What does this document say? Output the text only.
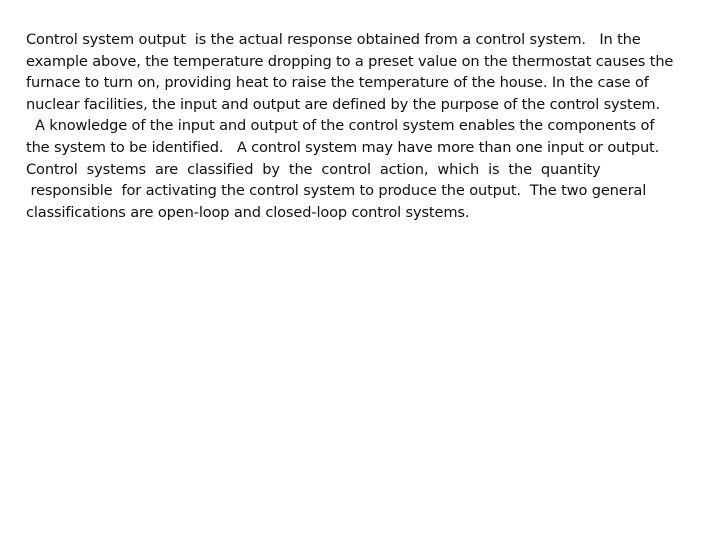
Control system output  is the actual response obtained from a control system.   In the
example above, the temperature dropping to a preset value on the thermostat causes the
furnace to turn on, providing heat to raise the temperature of the house. In the case of
nuclear facilities, the input and output are defined by the purpose of the control system.
A knowledge of the input and output of the control system enables the components of
the system to be identified.   A control system may have more than one input or output.
Control  systems  are  classified  by  the  control  action,  which  is  the  quantity
responsible  for activating the control system to produce the output.  The two general
classifications are open-loop and closed-loop control systems.
